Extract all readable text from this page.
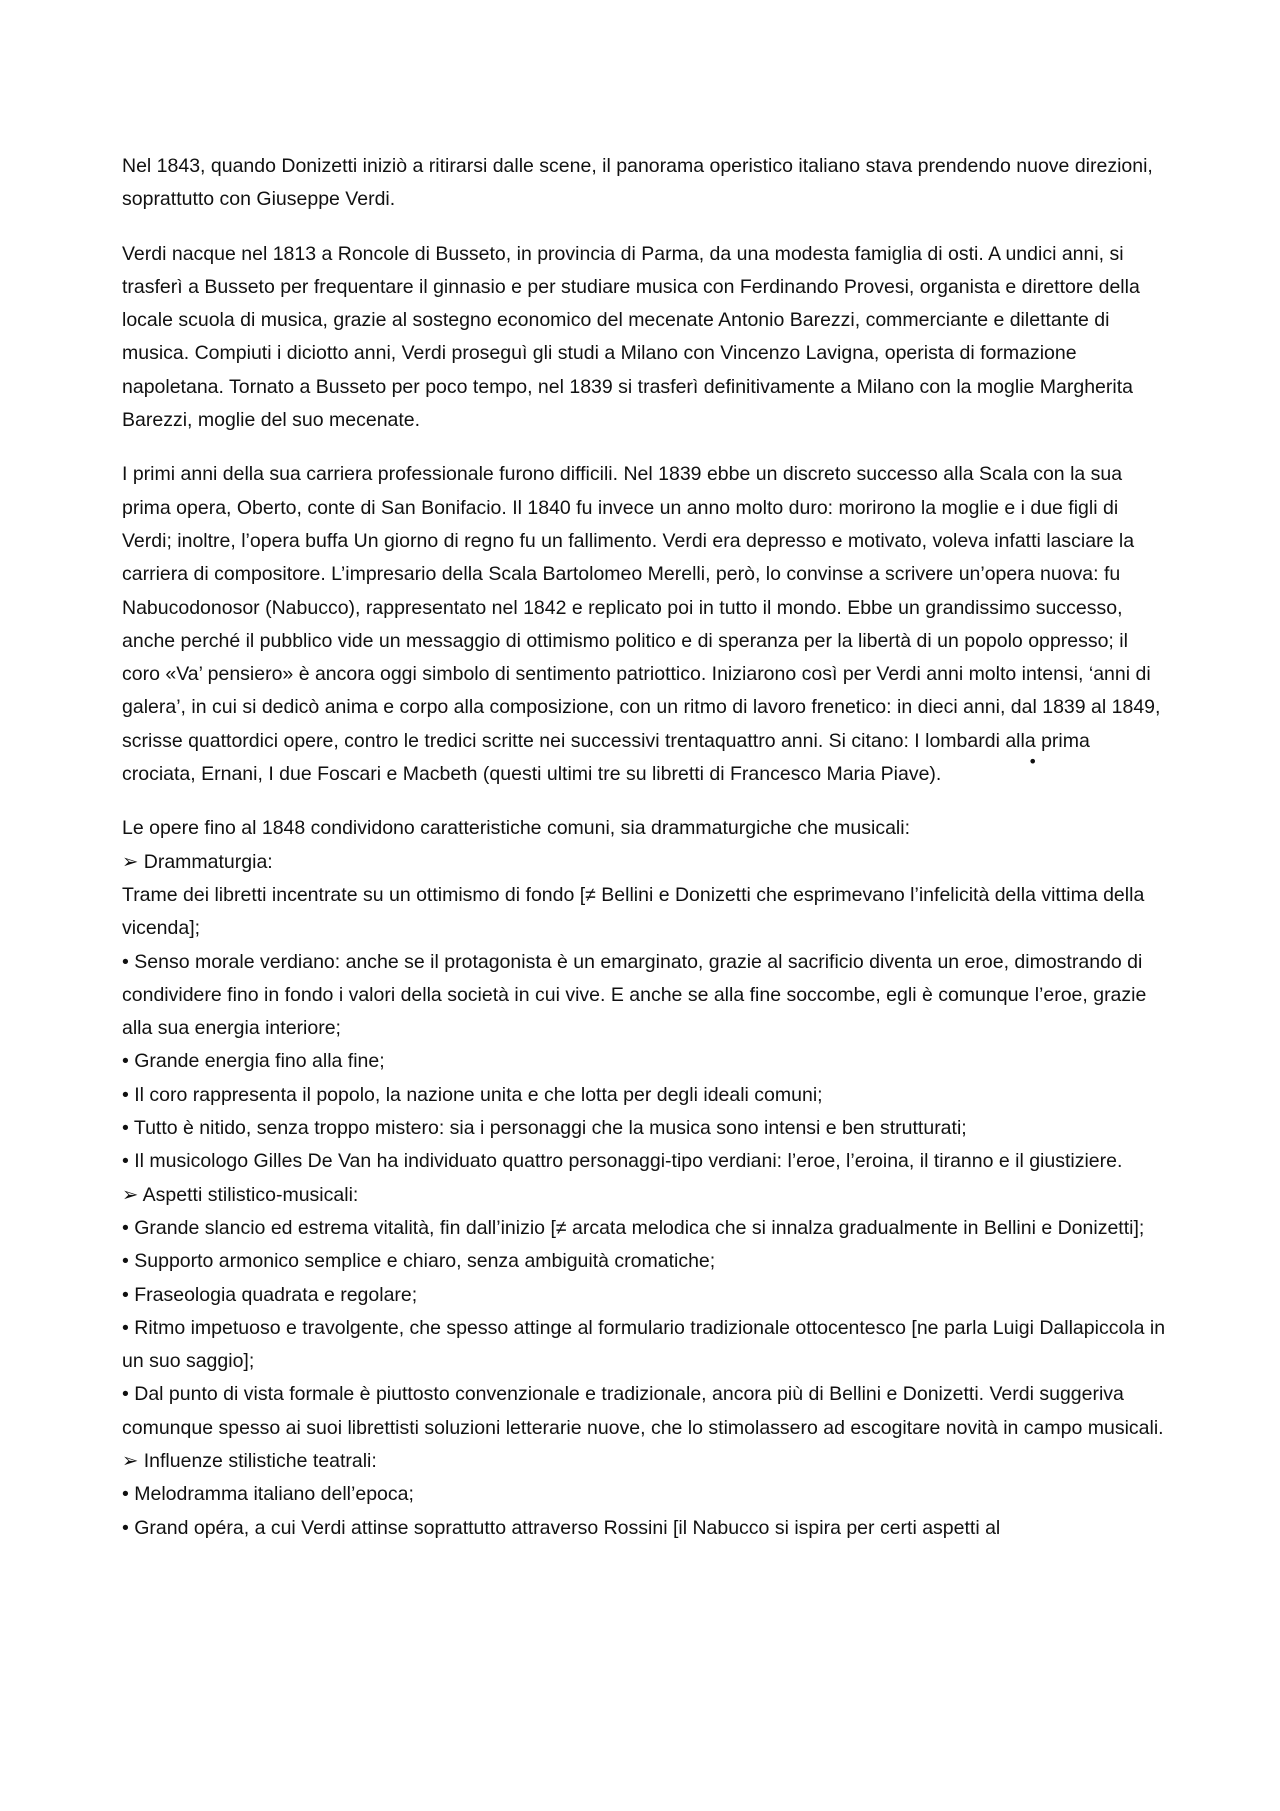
Nel 1843, quando Donizetti iniziò a ritirarsi dalle scene, il panorama operistico italiano stava prendendo nuove direzioni, soprattutto con Giuseppe Verdi.

Verdi nacque nel 1813 a Roncole di Busseto, in provincia di Parma, da una modesta famiglia di osti. A undici anni, si trasferì a Busseto per frequentare il ginnasio e per studiare musica con Ferdinando Provesi, organista e direttore della locale scuola di musica, grazie al sostegno economico del mecenate Antonio Barezzi, commerciante e dilettante di musica. Compiuti i diciotto anni, Verdi proseguì gli studi a Milano con Vincenzo Lavigna, operista di formazione napoletana. Tornato a Busseto per poco tempo, nel 1839 si trasferì definitivamente a Milano con la moglie Margherita Barezzi, moglie del suo mecenate.

I primi anni della sua carriera professionale furono difficili. Nel 1839 ebbe un discreto successo alla Scala con la sua prima opera, Oberto, conte di San Bonifacio. Il 1840 fu invece un anno molto duro: morirono la moglie e i due figli di Verdi; inoltre, l’opera buffa Un giorno di regno fu un fallimento. Verdi era depresso e motivato, voleva infatti lasciare la carriera di compositore. L’impresario della Scala Bartolomeo Merelli, però, lo convinse a scrivere un’opera nuova: fu Nabucodonosor (Nabucco), rappresentato nel 1842 e replicato poi in tutto il mondo. Ebbe un grandissimo successo, anche perché il pubblico vide un messaggio di ottimismo politico e di speranza per la libertà di un popolo oppresso; il coro «Va’ pensiero» è ancora oggi simbolo di sentimento patriottico. Iniziarono così per Verdi anni molto intensi, ‘anni di galera’, in cui si dedicò anima e corpo alla composizione, con un ritmo di lavoro frenetico: in dieci anni, dal 1839 al 1849, scrisse quattordici opere, contro le tredici scritte nei successivi trentaquattro anni. Si citano: I lombardi alla prima crociata, Ernani, I due Foscari e Macbeth (questi ultimi tre su libretti di Francesco Maria Piave).

Le opere fino al 1848 condividono caratteristiche comuni, sia drammaturgiche che musicali:
➢ Drammaturgia:
Trame dei libretti incentrate su un ottimismo di fondo [≠ Bellini e Donizetti che esprimevano l’infelicità della vittima della vicenda];
• Senso morale verdiano: anche se il protagonista è un emarginato, grazie al sacrificio diventa un eroe, dimostrando di condividere fino in fondo i valori della società in cui vive. E anche se alla fine soccombe, egli è comunque l’eroe, grazie alla sua energia interiore;
• Grande energia fino alla fine;
• Il coro rappresenta il popolo, la nazione unita e che lotta per degli ideali comuni;
• Tutto è nitido, senza troppo mistero: sia i personaggi che la musica sono intensi e ben strutturati;
• Il musicologo Gilles De Van ha individuato quattro personaggi-tipo verdiani: l’eroe, l’eroina, il tiranno e il giustiziere.
➢ Aspetti stilistico-musicali:
• Grande slancio ed estrema vitalità, fin dall’inizio [≠ arcata melodica che si innalza gradualmente in Bellini e Donizetti];
• Supporto armonico semplice e chiaro, senza ambiguità cromatiche;
• Fraseologia quadrata e regolare;
• Ritmo impetuoso e travolgente, che spesso attinge al formulario tradizionale ottocentesco [ne parla Luigi Dallapiccola in un suo saggio];
• Dal punto di vista formale è piuttosto convenzionale e tradizionale, ancora più di Bellini e Donizetti. Verdi suggeriva comunque spesso ai suoi librettisti soluzioni letterarie nuove, che lo stimolassero ad escogitare novità in campo musicali.
➢ Influenze stilistiche teatrali:
• Melodramma italiano dell’epoca;
• Grand opéra, a cui Verdi attinse soprattutto attraverso Rossini [il Nabucco si ispira per certi aspetti al
•
